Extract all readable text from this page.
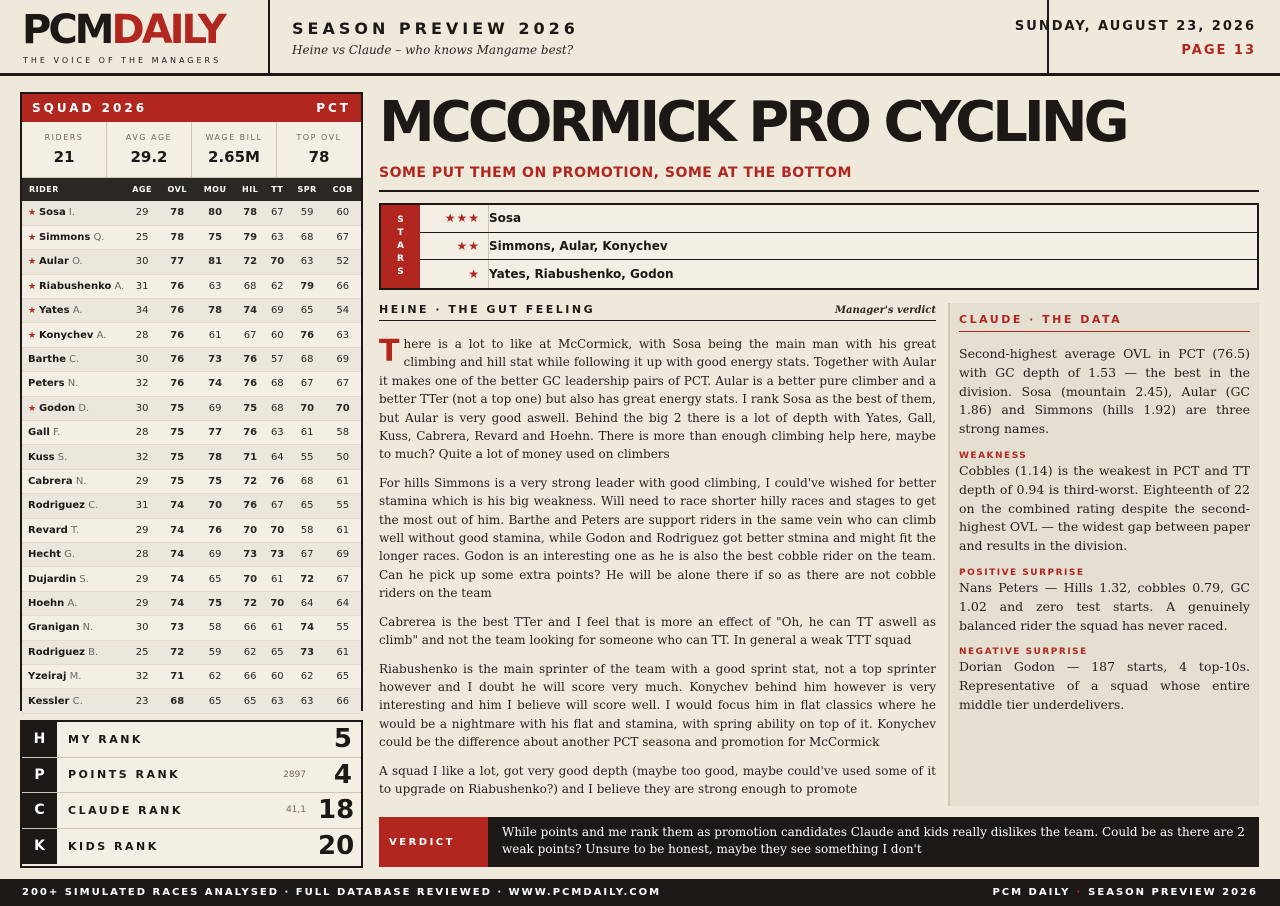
PCMDAILY
THE VOICE OF THE MANAGERS
SEASON PREVIEW 2026
Heine vs Claude – who knows Mangame best?
SUNDAY, AUGUST 23, 2026
PAGE 13
SQUAD 2026	PCT
RIDERS
21
AVG AGE
29.2
WAGE BILL
2.65M
TOP OVL
78
RIDER	AGE	OVL	MOU	HIL	TT	SPR	COB
★ Sosa I.	29	78	80	78	67	59	60
★ Simmons Q.	25	78	75	79	63	68	67
★ Aular O.	30	77	81	72	70	63	52
★ Riabushenko A.	31	76	63	68	62	79	66
★ Yates A.	34	76	78	74	69	65	54
★ Konychev A.	28	76	61	67	60	76	63
Barthe C.	30	76	73	76	57	68	69
Peters N.	32	76	74	76	68	67	67
★ Godon D.	30	75	69	75	68	70	70
Gall F.	28	75	77	76	63	61	58
Kuss S.	32	75	78	71	64	55	50
Cabrera N.	29	75	75	72	76	68	61
Rodriguez C.	31	74	70	76	67	65	55
Revard T.	29	74	76	70	70	58	61
Hecht G.	28	74	69	73	73	67	69
Dujardin S.	29	74	65	70	61	72	67
Hoehn A.	29	74	75	72	70	64	64
Granigan N.	30	73	58	66	61	74	55
Rodriguez B.	25	72	59	62	65	73	61
Yzeiraj M.	32	71	62	66	60	62	65
Kessler C.	23	68	65	65	63	63	66
H	MY RANK	5
P	POINTS RANK	2897	4
C	CLAUDE RANK	41,1 18
K	KIDS RANK	20
MCCORMICK PRO CYCLING
SOME PUT THEM ON PROMOTION, SOME AT THE BOTTOM
S
T
A
R
S
★★★ Sosa
★★ Simmons, Aular, Konychev
★ Yates, Riabushenko, Godon
HEINE · THE GUT FEELING	Manager's verdict

There is a lot to like at McCormick, with Sosa being the main man with his great climbing and hill stat while following it up with good energy stats. Together with Aular it makes one of the better GC leadership pairs of PCT. Aular is a better pure climber and a better TTer (not a top one) but also has great energy stats. I rank Sosa as the best of them, but Aular is very good aswell. Behind the big 2 there is a lot of depth with Yates, Gall, Kuss, Cabrera, Revard and Hoehn. There is more than enough climbing help here, maybe to much? Quite a lot of money used on climbers

For hills Simmons is a very strong leader with good climbing, I could've wished for better stamina which is his big weakness. Will need to race shorter hilly races and stages to get the most out of him. Barthe and Peters are support riders in the same vein who can climb well without good stamina, while Godon and Rodriguez got better stmina and might fit the longer races. Godon is an interesting one as he is also the best cobble rider on the team. Can he pick up some extra points? He will be alone there if so as there are not cobble riders on the team

Cabrerea is the best TTer and I feel that is more an effect of "Oh, he can TT aswell as climb" and not the team looking for someone who can TT. In general a weak TTT squad

Riabushenko is the main sprinter of the team with a good sprint stat, not a top sprinter however and I doubt he will score very much. Konychev behind him however is very interesting and him I believe will score well. I would focus him in flat classics where he would be a nightmare with his flat and stamina, with spring ability on top of it. Konychev could be the difference about another PCT seasona and promotion for McCormick

A squad I like a lot, got very good depth (maybe too good, maybe could've used some of it to upgrade on Riabushenko?) and I believe they are strong enough to promote

CLAUDE · THE DATA

Second-highest average OVL in PCT (76.5) with GC depth of 1.53 — the best in the division. Sosa (mountain 2.45), Aular (GC 1.86) and Simmons (hills 1.92) are three strong names.

WEAKNESS

Cobbles (1.14) is the weakest in PCT and TT depth of 0.94 is third-worst. Eighteenth of 22 on the combined rating despite the second-highest OVL — the widest gap between paper and results in the division.

POSITIVE SURPRISE

Nans Peters — Hills 1.32, cobbles 0.79, GC 1.02 and zero test starts. A genuinely balanced rider the squad has never raced.

NEGATIVE SURPRISE

Dorian Godon — 187 starts, 4 top-10s. Representative of a squad whose entire middle tier underdelivers.

VERDICT
While points and me rank them as promotion candidates Claude and kids really dislikes the team. Could be as there are 2 weak points? Unsure to be honest, maybe they see something I don't
200+ SIMULATED RACES ANALYSED · FULL DATABASE REVIEWED · WWW.PCMDAILY.COM	PCM DAILY · SEASON PREVIEW 2026
